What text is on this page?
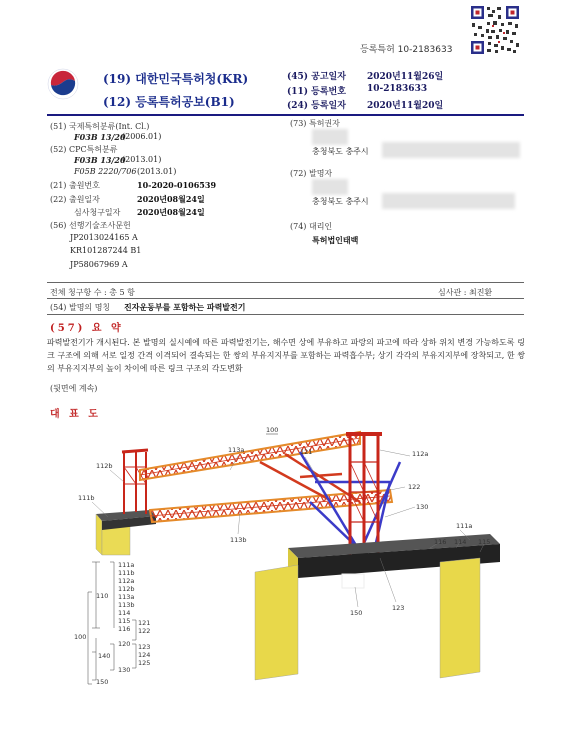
등록특허 10-2183633
(19) 대한민국특허청(KR)
(12) 등록특허공보(B1)
(45) 공고일자 2020년11월26일
(11) 등록번호 10-2183633
(24) 등록일자 2020년11월20일
(51) 국제특허분류(Int. Cl.)
F03B 13/20
(2006.01)
(52) CPC특허분류
F03B 13/20
(2013.01)
F05B 2220/706 (2013.01)
(21) 출원번호	10-2020-0106539
(22) 출원일자	2020년08월24일
심사청구일자 2020년08월24일
(56) 선행기술조사문헌
JP2013024165 A
KR101287244 B1
JP58067969 A
(73) 특허권자
충청북도 충주시
(72) 발명자
충청북도 충주시
(74) 대리인
특허법인태백
전체 청구항 수 : 총 5 항	심사관 : 최진환
(54) 발명의 명칭 진자운동부를 포함하는 파력발전기
(57) 요 약
파력발전기가 개시된다. 본 발명의 실시예에 따른 파력발전기는, 해수면 상에 부유하고 파랑의 파고에 따라 상하 위치 변경 가능하도록 링크 구조에 의해 서로 일정 간격 이격되어 결속되는 한 쌍의 부유지지부를 포함하는 파력흡수부; 상기 각각의 부유지지부에 장착되고, 한 쌍의 부유지지부의 높이 차이에 따른 링크 구조의 각도변화
(뒷면에 계속)
대 표 도
100
113a	121	112a
112b
111b
122
130
113b
111a
116 114 115
150
123
100
110
111a
111b
112a
112b
113a
113b
114
115
116
140
120
121
122
123
124
125
130
150
